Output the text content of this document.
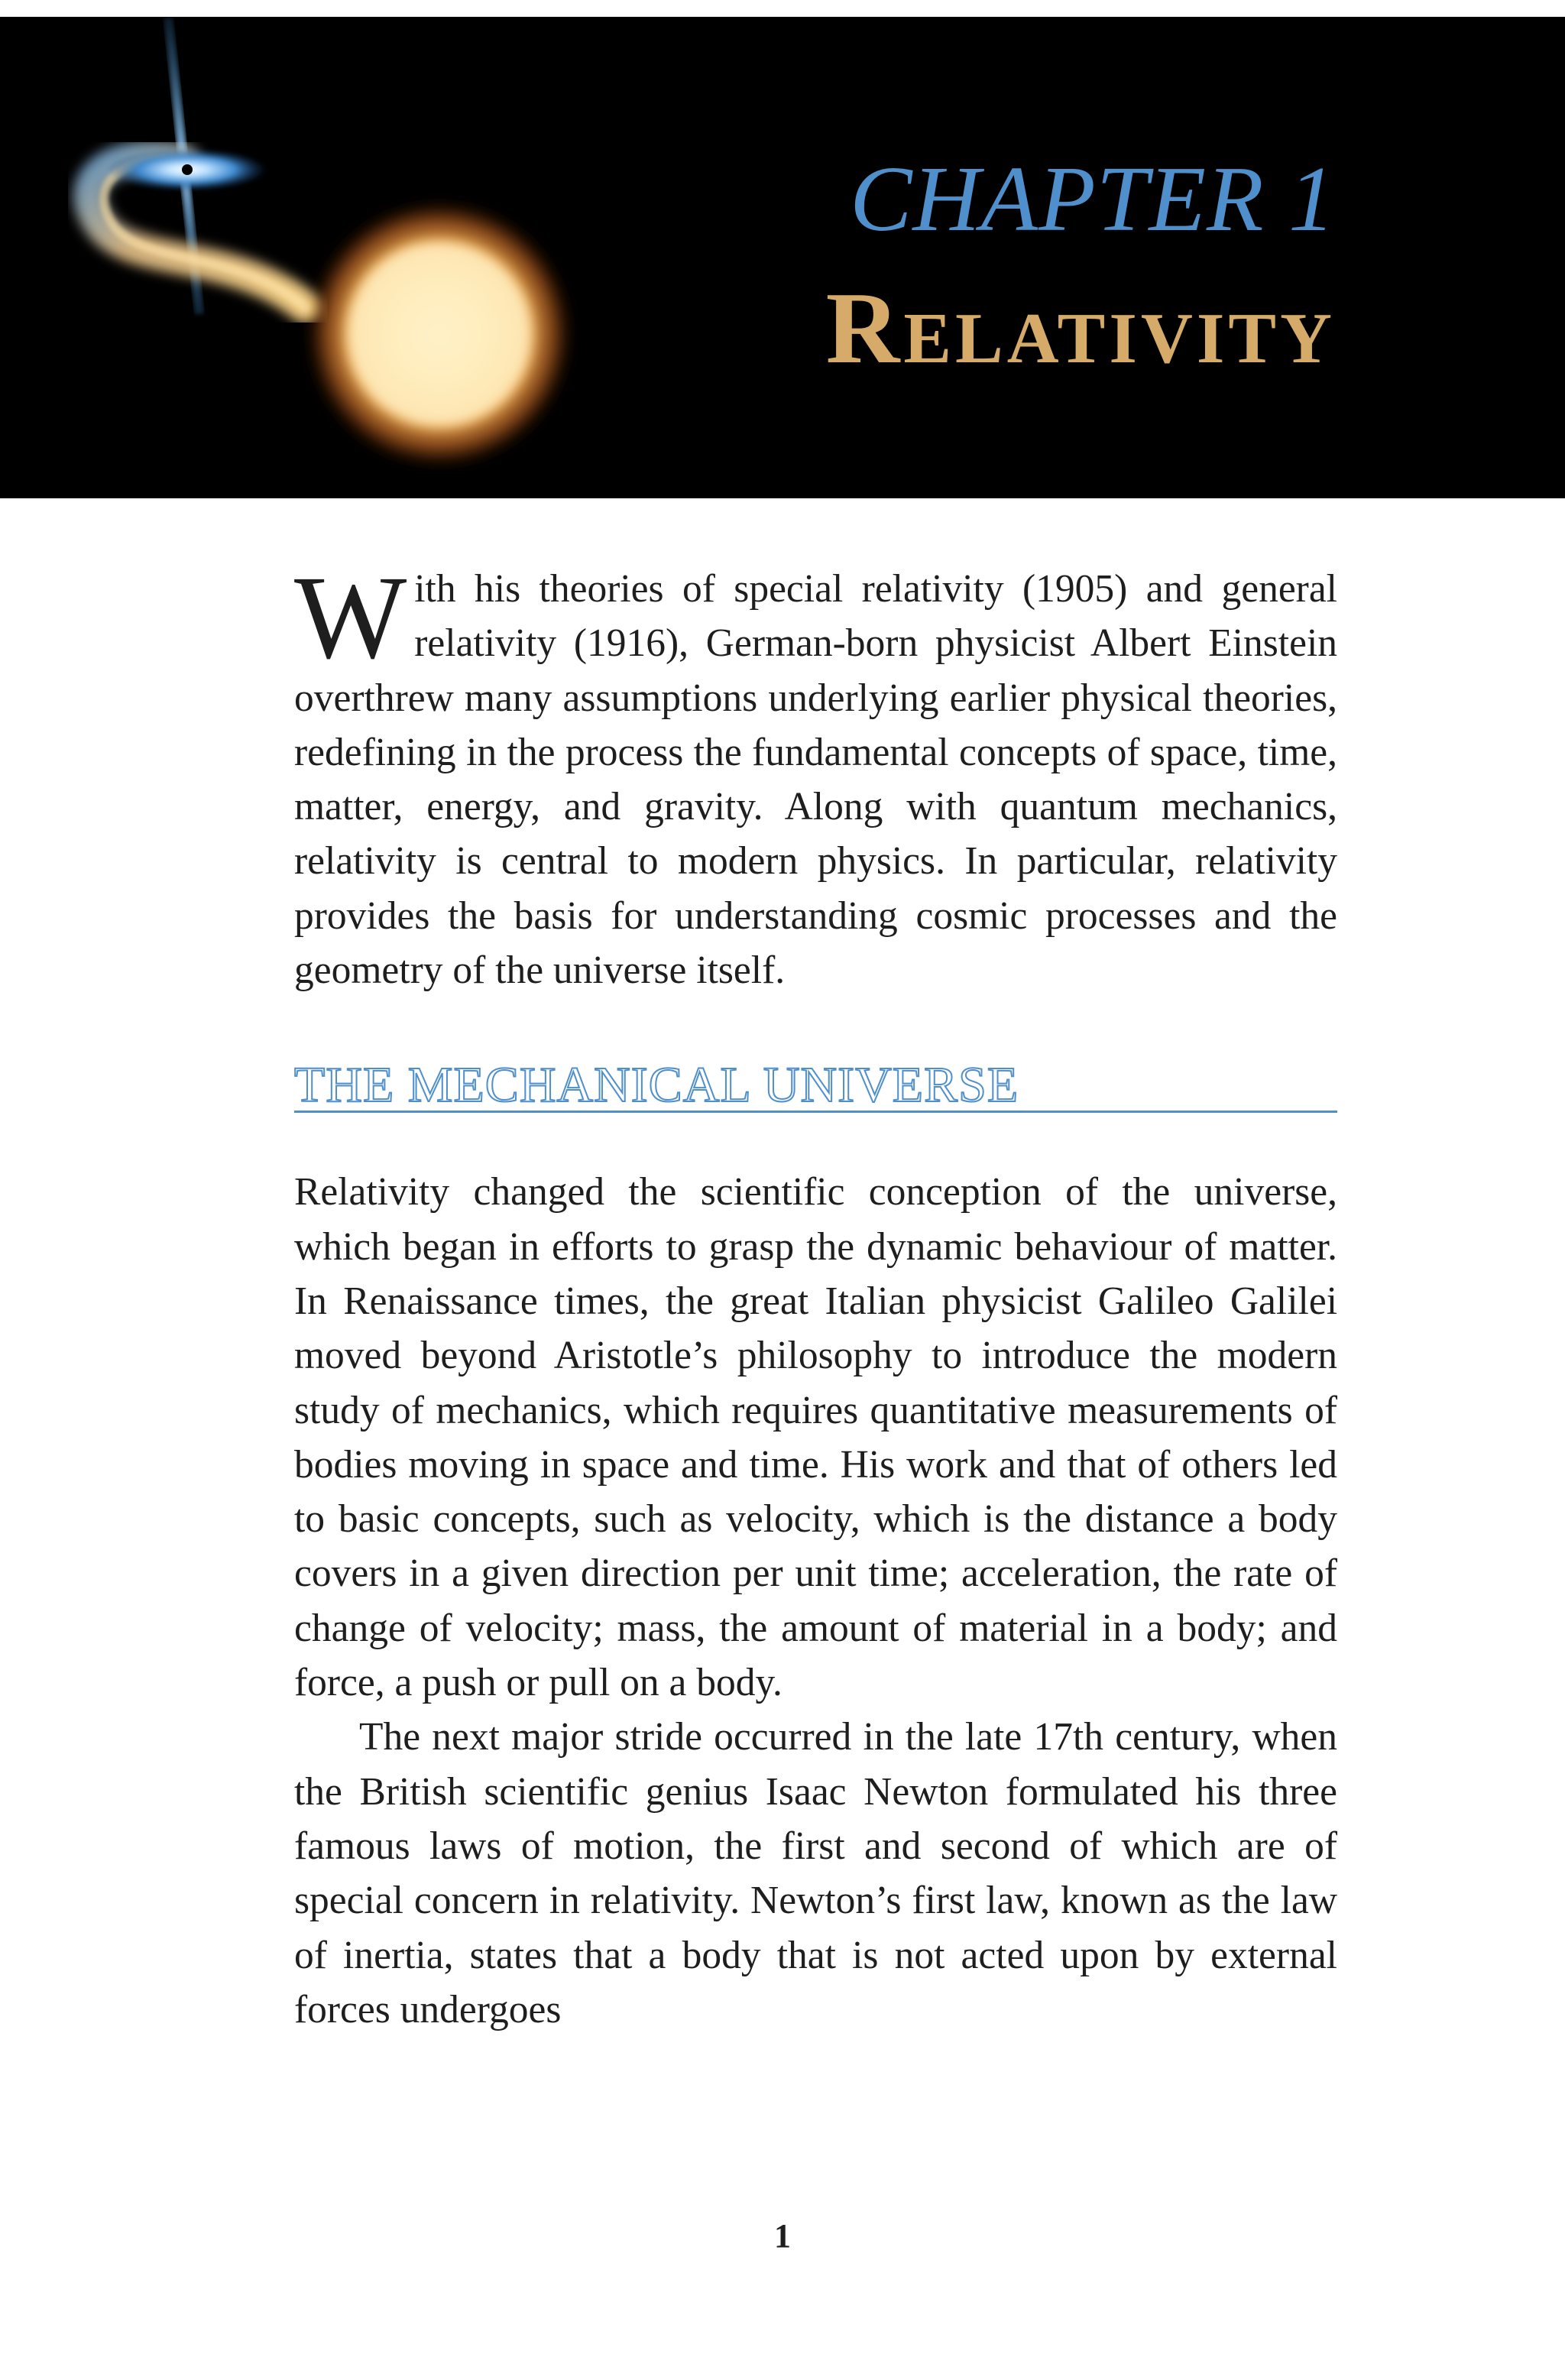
CHAPTER 1
Relativity

With his theories of special relativity (1905) and general relativity (1916), German-born physicist Albert Einstein overthrew many assumptions underlying earlier physical theories, redefining in the process the fundamental concepts of space, time, matter, energy, and gravity. Along with quantum mechanics, relativity is central to modern physics. In particular, relativity provides the basis for understanding cosmic processes and the geometry of the universe itself.

THE MECHANICAL UNIVERSE

Relativity changed the scientific conception of the universe, which began in efforts to grasp the dynamic behaviour of matter. In Renaissance times, the great Italian physicist Galileo Galilei moved beyond Aristotle’s philosophy to introduce the modern study of mechanics, which requires quantitative measurements of bodies moving in space and time. His work and that of others led to basic concepts, such as velocity, which is the distance a body covers in a given direction per unit time; acceleration, the rate of change of velocity; mass, the amount of material in a body; and force, a push or pull on a body.

The next major stride occurred in the late 17th century, when the British scientific genius Isaac Newton formulated his three famous laws of motion, the first and second of which are of special concern in relativity. Newton’s first law, known as the law of inertia, states that a body that is not acted upon by external forces undergoes

1
